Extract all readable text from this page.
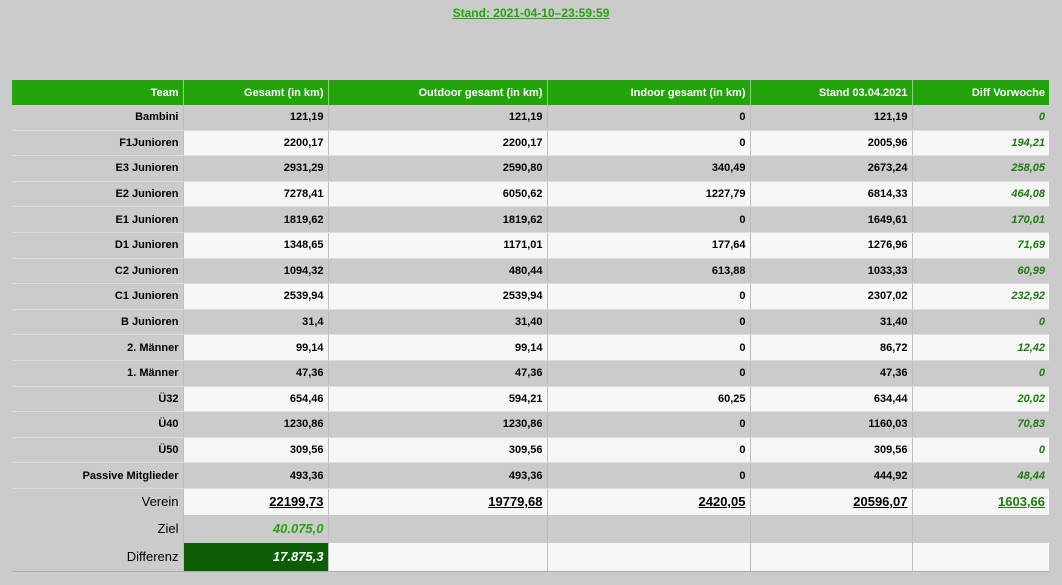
Stand: 2021-04-10–23:59:59
Team	Gesamt (in km)	Outdoor gesamt (in km)	Indoor gesamt (in km)	Stand 03.04.2021	Diff Vorwoche
Bambini	121,19	121,19	0	121,19	0
F1Junioren	2200,17	2200,17	0	2005,96	194,21
E3 Junioren	2931,29	2590,80	340,49	2673,24	258,05
E2 Junioren	7278,41	6050,62	1227,79	6814,33	464,08
E1 Junioren	1819,62	1819,62	0	1649,61	170,01
D1 Junioren	1348,65	1171,01	177,64	1276,96	71,69
C2 Junioren	1094,32	480,44	613,88	1033,33	60,99
C1 Junioren	2539,94	2539,94	0	2307,02	232,92
B Junioren	31,4	31,40	0	31,40	0
2. Männer	99,14	99,14	0	86,72	12,42
1. Männer	47,36	47,36	0	47,36	0
Ü32	654,46	594,21	60,25	634,44	20,02
Ü40	1230,86	1230,86	0	1160,03	70,83
Ü50	309,56	309,56	0	309,56	0
Passive Mitglieder	493,36	493,36	0	444,92	48,44
Verein	22199,73	19779,68	2420,05	20596,07	1603,66
Ziel	40.075,0				
Differenz	17.875,3				
